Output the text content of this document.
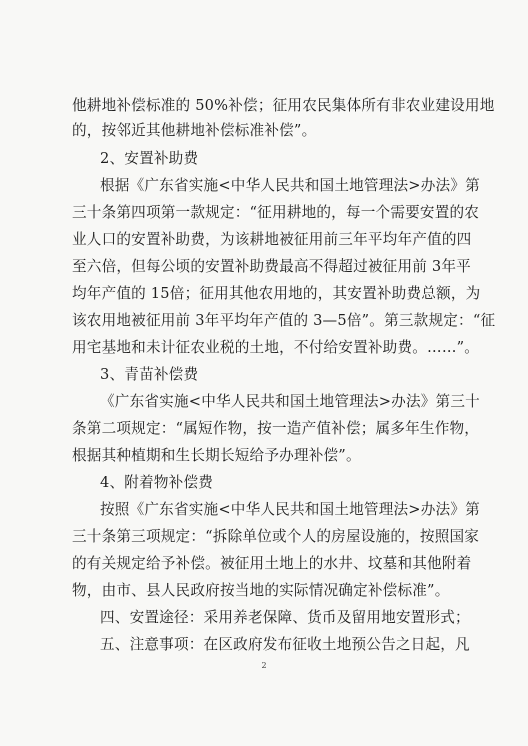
他耕地补偿标准的 50%补偿；征用农民集体所有非农业建设用地
的，按邻近其他耕地补偿标准补偿”。
2、安置补助费
根据《广东省实施<中华人民共和国土地管理法>办法》第
三十条第四项第一款规定：“征用耕地的，每一个需要安置的农
业人口的安置补助费，为该耕地被征用前三年平均年产值的四
至六倍，但每公顷的安置补助费最高不得超过被征用前 3年平
均年产值的 15倍；征用其他农用地的，其安置补助费总额，为
该农用地被征用前 3年平均年产值的 3—5倍”。第三款规定：“征
用宅基地和未计征农业税的土地，不付给安置补助费。……”。
3、青苗补偿费
《广东省实施<中华人民共和国土地管理法>办法》第三十
条第二项规定：“属短作物，按一造产值补偿；属多年生作物，
根据其种植期和生长期长短给予办理补偿”。
4、附着物补偿费
按照《广东省实施<中华人民共和国土地管理法>办法》第
三十条第三项规定：“拆除单位或个人的房屋设施的，按照国家
的有关规定给予补偿。被征用土地上的水井、坟墓和其他附着
物，由市、县人民政府按当地的实际情况确定补偿标准”。
四、安置途径：采用养老保障、货币及留用地安置形式；
五、注意事项：在区政府发布征收土地预公告之日起，凡
2
